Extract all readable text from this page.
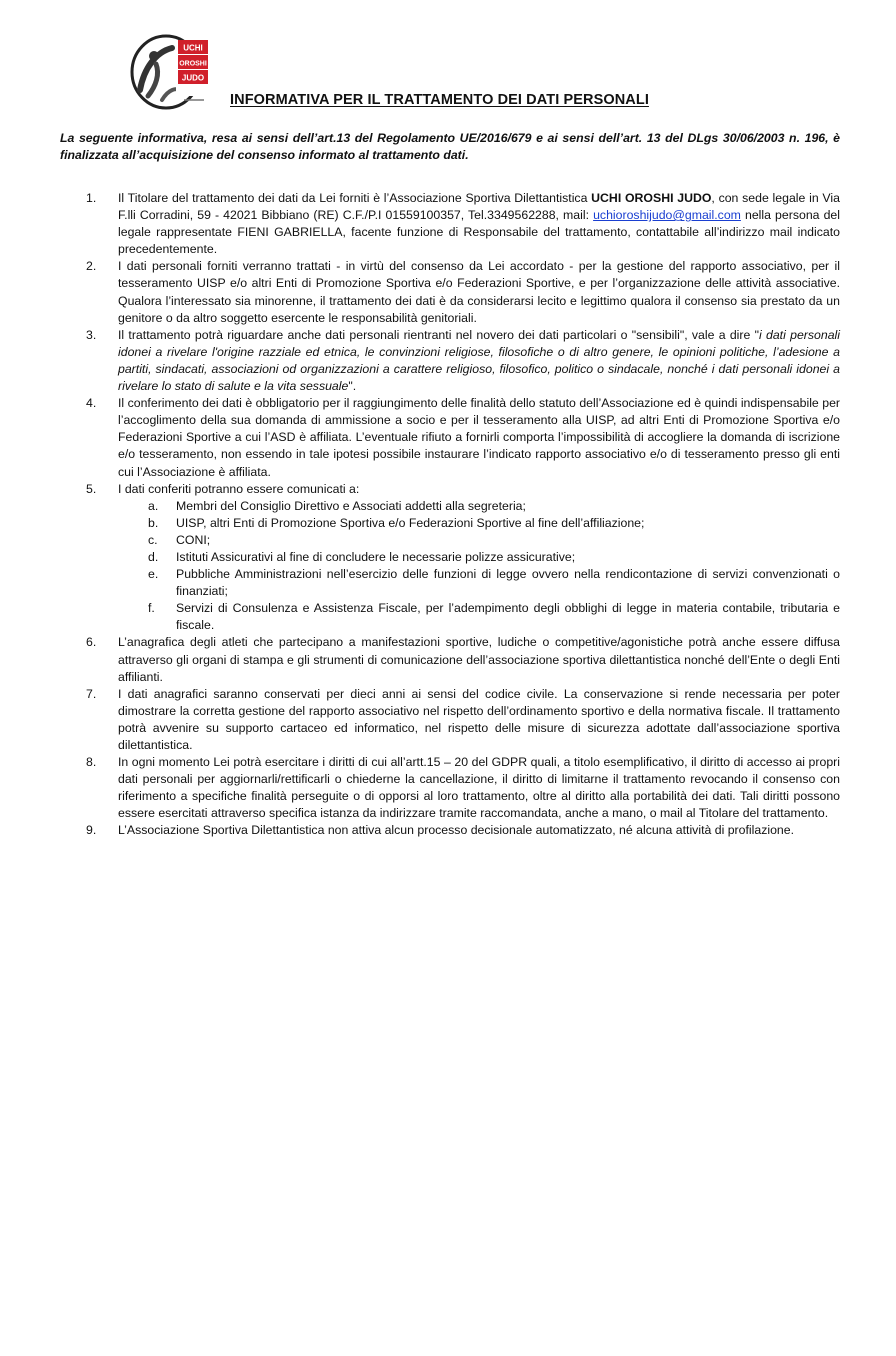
UCHI
OROSHI
JUDO
INFORMATIVA PER IL TRATTAMENTO DEI DATI PERSONALI
La seguente informativa, resa ai sensi dell’art.13 del Regolamento UE/2016/679 e ai sensi dell’art. 13 del DLgs 30/06/2003 n. 196, è finalizzata all’acquisizione del consenso informato al trattamento dati.
1. Il Titolare del trattamento dei dati da Lei forniti è l’Associazione Sportiva Dilettantistica UCHI OROSHI JUDO, con sede legale in Via F.lli Corradini, 59 - 42021 Bibbiano (RE) C.F./P.I 01559100357, Tel.3349562288, mail: uchioroshijudo@gmail.com nella persona del legale rappresentate FIENI GABRIELLA, facente funzione di Responsabile del trattamento, contattabile all’indirizzo mail indicato precedentemente.
2. I dati personali forniti verranno trattati - in virtù del consenso da Lei accordato - per la gestione del rapporto associativo, per il tesseramento UISP e/o altri Enti di Promozione Sportiva e/o Federazioni Sportive, e per l’organizzazione delle attività associative. Qualora l’interessato sia minorenne, il trattamento dei dati è da considerarsi lecito e legittimo qualora il consenso sia prestato da un genitore o da altro soggetto esercente le responsabilità genitoriali.
3. Il trattamento potrà riguardare anche dati personali rientranti nel novero dei dati particolari o "sensibili", vale a dire "i dati personali idonei a rivelare l'origine razziale ed etnica, le convinzioni religiose, filosofiche o di altro genere, le opinioni politiche, l’adesione a partiti, sindacati, associazioni od organizzazioni a carattere religioso, filosofico, politico o sindacale, nonché i dati personali idonei a rivelare lo stato di salute e la vita sessuale".
4. Il conferimento dei dati è obbligatorio per il raggiungimento delle finalità dello statuto dell’Associazione ed è quindi indispensabile per l’accoglimento della sua domanda di ammissione a socio e per il tesseramento alla UISP, ad altri Enti di Promozione Sportiva e/o Federazioni Sportive a cui l’ASD è affiliata. L’eventuale rifiuto a fornirli comporta l’impossibilità di accogliere la domanda di iscrizione e/o tesseramento, non essendo in tale ipotesi possibile instaurare l’indicato rapporto associativo e/o di tesseramento presso gli enti cui l’Associazione è affiliata.
5. I dati conferiti potranno essere comunicati a:
a. Membri del Consiglio Direttivo e Associati addetti alla segreteria;
b. UISP, altri Enti di Promozione Sportiva e/o Federazioni Sportive al fine dell’affiliazione;
c. CONI;
d. Istituti Assicurativi al fine di concludere le necessarie polizze assicurative;
e. Pubbliche Amministrazioni nell’esercizio delle funzioni di legge ovvero nella rendicontazione di servizi convenzionati o finanziati;
f. Servizi di Consulenza e Assistenza Fiscale, per l’adempimento degli obblighi di legge in materia contabile, tributaria e fiscale.
6. L’anagrafica degli atleti che partecipano a manifestazioni sportive, ludiche o competitive/agonistiche potrà anche essere diffusa attraverso gli organi di stampa e gli strumenti di comunicazione dell’associazione sportiva dilettantistica nonché dell’Ente o degli Enti affilianti.
7. I dati anagrafici saranno conservati per dieci anni ai sensi del codice civile. La conservazione si rende necessaria per poter dimostrare la corretta gestione del rapporto associativo nel rispetto dell’ordinamento sportivo e della normativa fiscale. Il trattamento potrà avvenire su supporto cartaceo ed informatico, nel rispetto delle misure di sicurezza adottate dall’associazione sportiva dilettantistica.
8. In ogni momento Lei potrà esercitare i diritti di cui all’artt.15 – 20 del GDPR quali, a titolo esemplificativo, il diritto di accesso ai propri dati personali per aggiornarli/rettificarli o chiederne la cancellazione, il diritto di limitarne il trattamento revocando il consenso con riferimento a specifiche finalità perseguite o di opporsi al loro trattamento, oltre al diritto alla portabilità dei dati. Tali diritti possono essere esercitati attraverso specifica istanza da indirizzare tramite raccomandata, anche a mano, o mail al Titolare del trattamento.
9. L’Associazione Sportiva Dilettantistica non attiva alcun processo decisionale automatizzato, né alcuna attività di profilazione.
